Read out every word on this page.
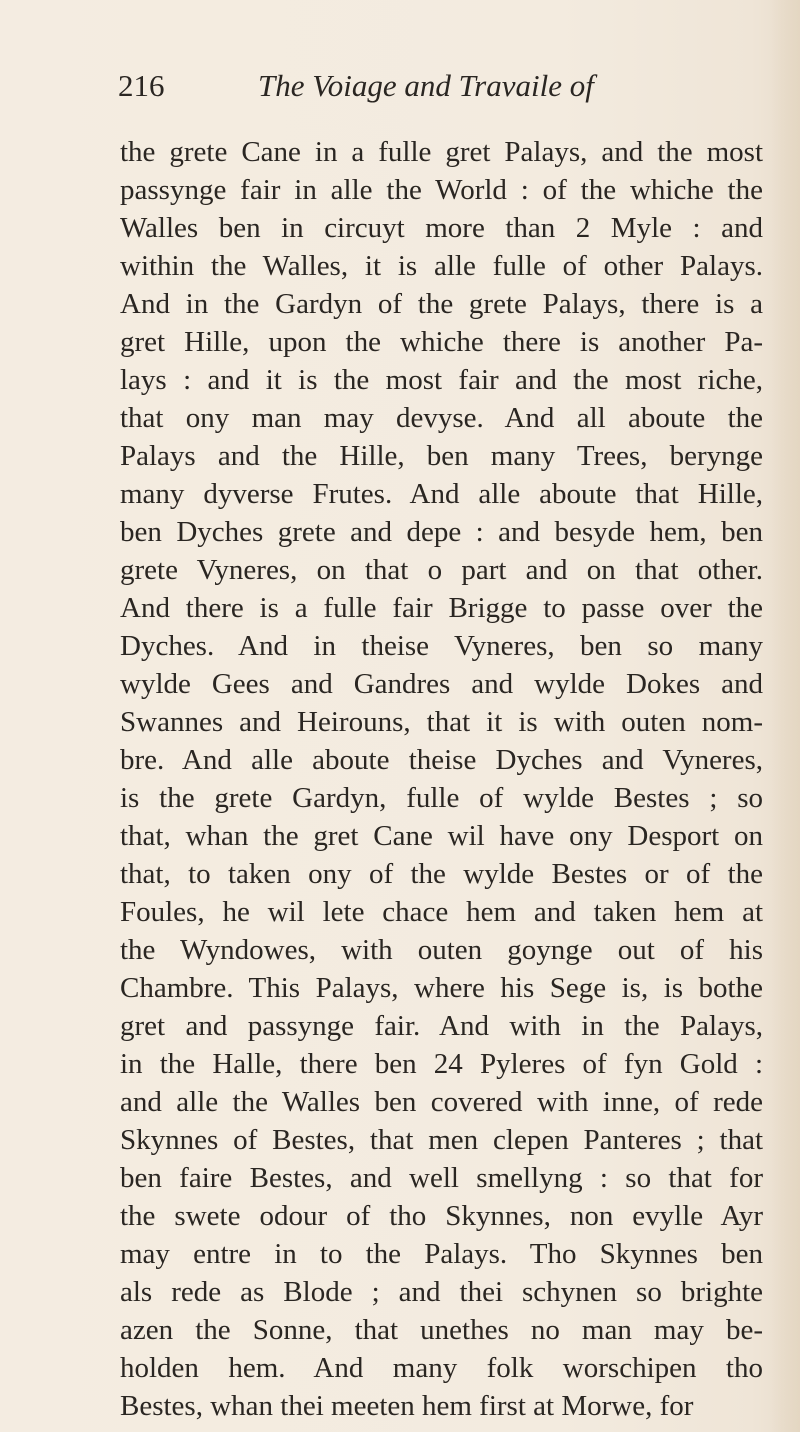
216	The Voiage and Travaile of
the grete Cane in a fulle gret Palays, and the most
passynge fair in alle the World : of the whiche the
Walles ben in circuyt more than 2 Myle : and
within the Walles, it is alle fulle of other Palays.
And in the Gardyn of the grete Palays, there is a
gret Hille, upon the whiche there is another Pa-
lays : and it is the most fair and the most riche,
that ony man may devyse. And all aboute the
Palays and the Hille, ben many Trees, berynge
many dyverse Frutes. And alle aboute that Hille,
ben Dyches grete and depe : and besyde hem, ben
grete Vyneres, on that o part and on that other.
And there is a fulle fair Brigge to passe over the
Dyches. And in theise Vyneres, ben so many
wylde Gees and Gandres and wylde Dokes and
Swannes and Heirouns, that it is with outen nom-
bre. And alle aboute theise Dyches and Vyneres,
is the grete Gardyn, fulle of wylde Bestes ; so
that, whan the gret Cane wil have ony Desport on
that, to taken ony of the wylde Bestes or of the
Foules, he wil lete chace hem and taken hem at
the Wyndowes, with outen goynge out of his
Chambre. This Palays, where his Sege is, is bothe
gret and passynge fair. And with in the Palays,
in the Halle, there ben 24 Pyleres of fyn Gold :
and alle the Walles ben covered with inne, of rede
Skynnes of Bestes, that men clepen Panteres ; that
ben faire Bestes, and well smellyng : so that for
the swete odour of tho Skynnes, non evylle Ayr
may entre in to the Palays. Tho Skynnes ben
als rede as Blode ; and thei schynen so brighte
azen the Sonne, that unethes no man may be-
holden hem. And many folk worschipen tho
Bestes, whan thei meeten hem first at Morwe, for
